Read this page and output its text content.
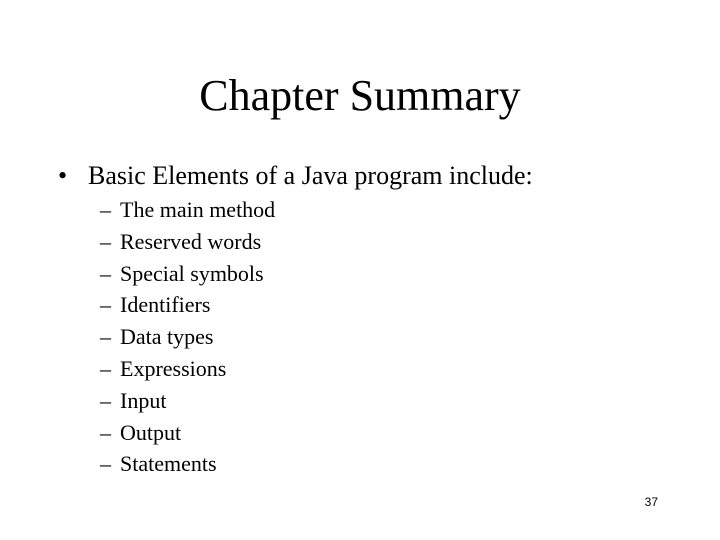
Chapter Summary
• Basic Elements of a Java program include:
– The main method
– Reserved words
– Special symbols
– Identifiers
– Data types
– Expressions
– Input
– Output
– Statements
37
